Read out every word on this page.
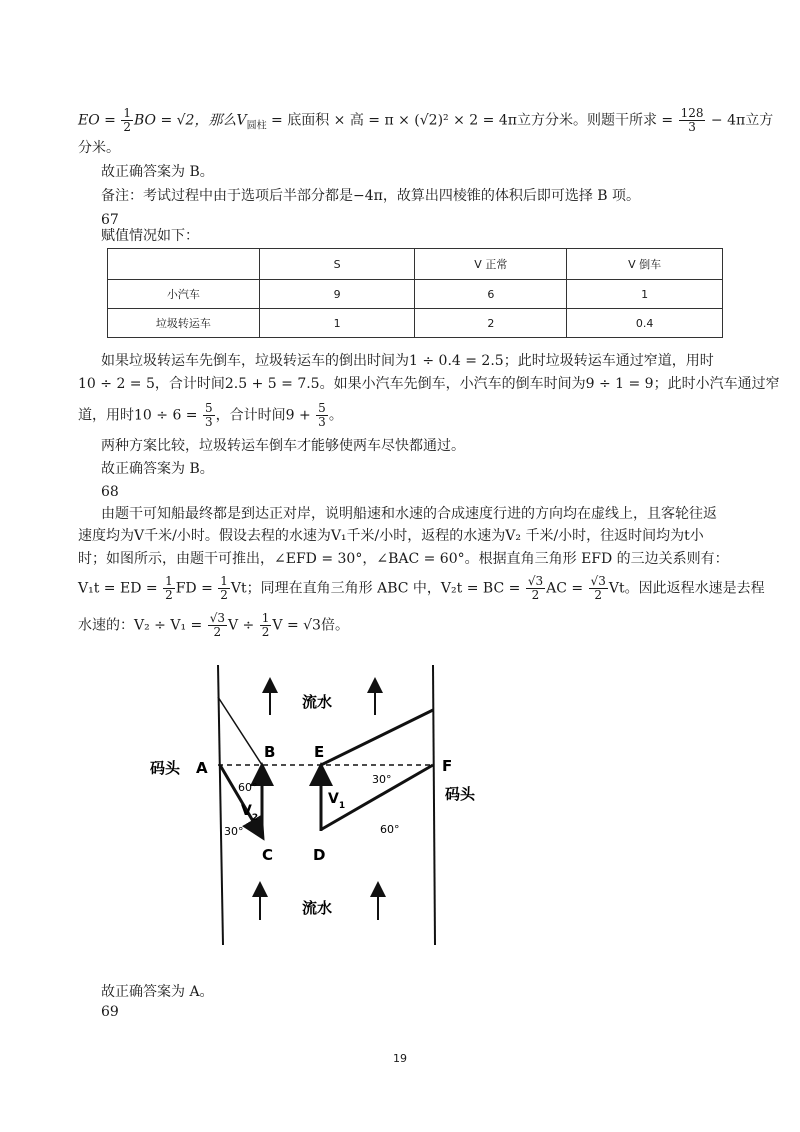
EO = $\frac{1}{2}$ BO = √2，那么$V_{圆柱}$ = 底面积 × 高 = π × (√2)² × 2 = 4π立方分米。则题干所求 = $\frac{128}{3} - 4\pi$立方
分米。
故正确答案为 B。
备注：考试过程中由于选项后半部分都是−4π，故算出四棱锥的体积后即可选择 B 项。
67
赋值情况如下：
	S	V 正常	V 倒车
小汽车	9	6	1
垃圾转运车	1	2	0.4
如果垃圾转运车先倒车，垃圾转运车的倒出时间为1 ÷ 0.4 = 2.5；此时垃圾转运车通过窄道，用时
10 ÷ 2 = 5，合计时间2.5 + 5 = 7.5。如果小汽车先倒车，小汽车的倒车时间为9 ÷ 1 = 9；此时小汽车通过窄
道，用时$10 \div 6 = \frac{5}{3}$ ，合计时间$9 + \frac{5}{3}$ 。
两种方案比较，垃圾转运车倒车才能够使两车尽快都通过。
故正确答案为 B。
68
由题干可知船最终都是到达正对岸，说明船速和水速的合成速度行进的方向均在虚线上，且客轮往返
速度均为V千米/小时。假设去程的水速为V₁千米/小时，返程的水速为V₂ 千米/小时，往返时间均为t小
时；如图所示，由题干可推出，∠EFD = 30°，∠BAC = 60°。根据直角三角形 EFD 的三边关系则有：
V₁t = ED = $\frac{1}{2}$ FD = $\frac{1}{2}$ Vt；同理在直角三角形 ABC 中，V₂t = BC = $\frac{√3}{2}$ AC = $\frac{√3}{2}$ Vt。因此返程水速是去程
水速的：$V_2 \div V_1 = \frac{√3}{2}$ $V \div \frac{1}{2}$ V = √3倍。
流水
流水
码头 A
B
C	D
E
F
码头
60°
30°
30°
60°
$V_2$
$V_1$
故正确答案为 A。
69
19
